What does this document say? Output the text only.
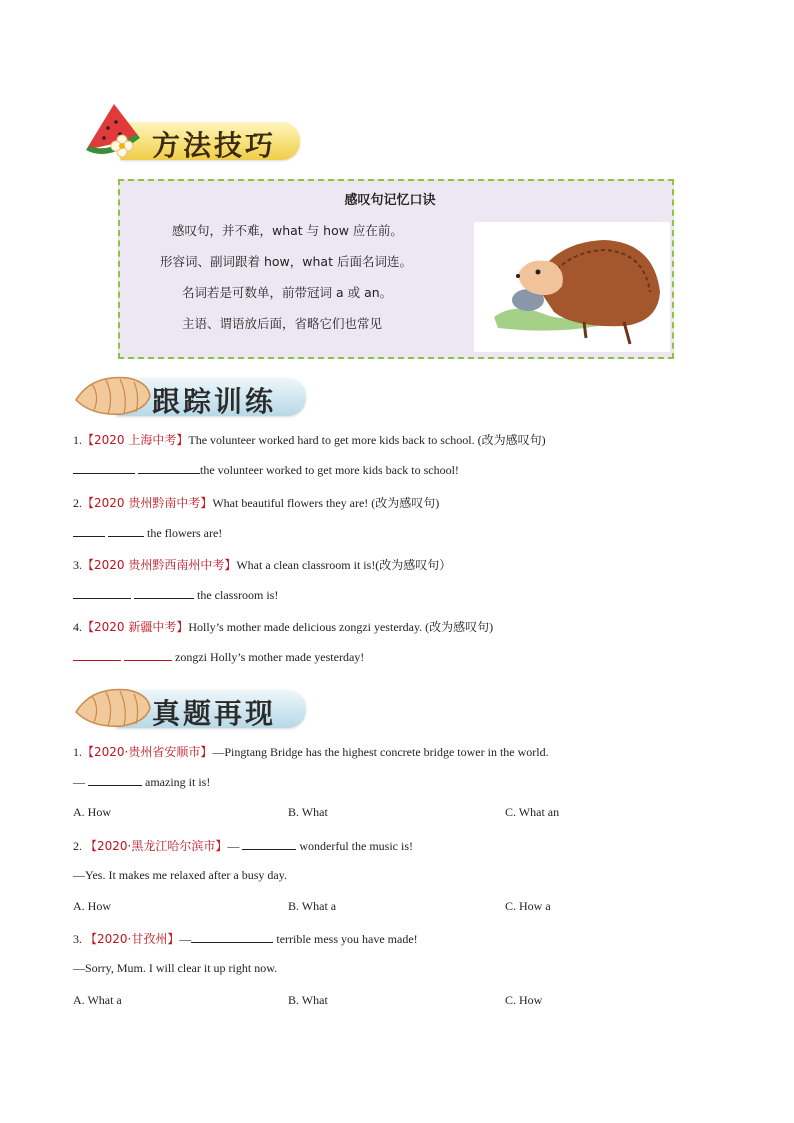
方法技巧
感叹句记忆口诀
感叹句，并不难，what 与 how 应在前。
形容词、副词跟着 how，what 后面名词连。
名词若是可数单，前带冠词 a 或 an。
主语、谓语放后面，省略它们也常见
跟踪训练
1.【2020 上海中考】The volunteer worked hard to get more kids back to school. (改为感叹句)
the volunteer worked to get more kids back to school!
2.【2020 贵州黔南中考】What beautiful flowers they are! (改为感叹句)
the flowers are!
3.【2020 贵州黔西南州中考】What a clean classroom it is!(改为感叹句）
the classroom is!
4.【2020 新疆中考】Holly’s mother made delicious zongzi yesterday. (改为感叹句)
zongzi Holly’s mother made yesterday!
真题再现
1.【2020·贵州省安顺市】—Pingtang Bridge has the highest concrete bridge tower in the world.
—	amazing it is!
A. How	B. What	C. What an
2. 【2020·黑龙江哈尔滨市】—	wonderful the music is!
—Yes. It makes me relaxed after a busy day.
A. How	B. What a	C. How a
3. 【2020·甘孜州】—	terrible mess you have made!
—Sorry, Mum. I will clear it up right now.
A. What a	B. What	C. How
